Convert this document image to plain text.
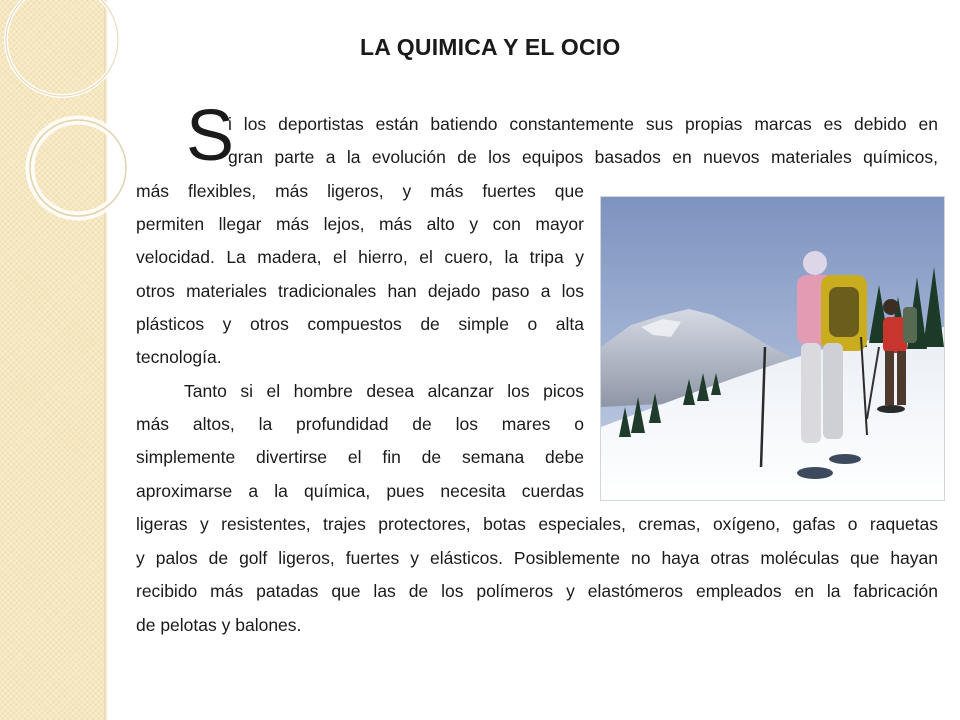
LA QUIMICA Y EL OCIO
S
i los deportistas están batiendo constantemente sus propias marcas es debido en
gran parte a la evolución de los equipos basados en nuevos materiales químicos,
más flexibles, más ligeros, y más fuertes que
permiten llegar más lejos, más alto y con mayor
velocidad. La madera, el hierro, el cuero, la tripa y
otros materiales tradicionales han dejado paso a los
plásticos y otros compuestos de simple o alta
tecnología.
Tanto si el hombre desea alcanzar los picos
más altos, la profundidad de los mares o
simplemente divertirse el fin de semana debe
aproximarse a la química, pues necesita cuerdas
ligeras y resistentes, trajes protectores, botas especiales, cremas, oxígeno, gafas o raquetas
y palos de golf ligeros, fuertes y elásticos. Posiblemente no haya otras moléculas que hayan
recibido más patadas que las de los polímeros y elastómeros empleados en la fabricación
de pelotas y balones.
